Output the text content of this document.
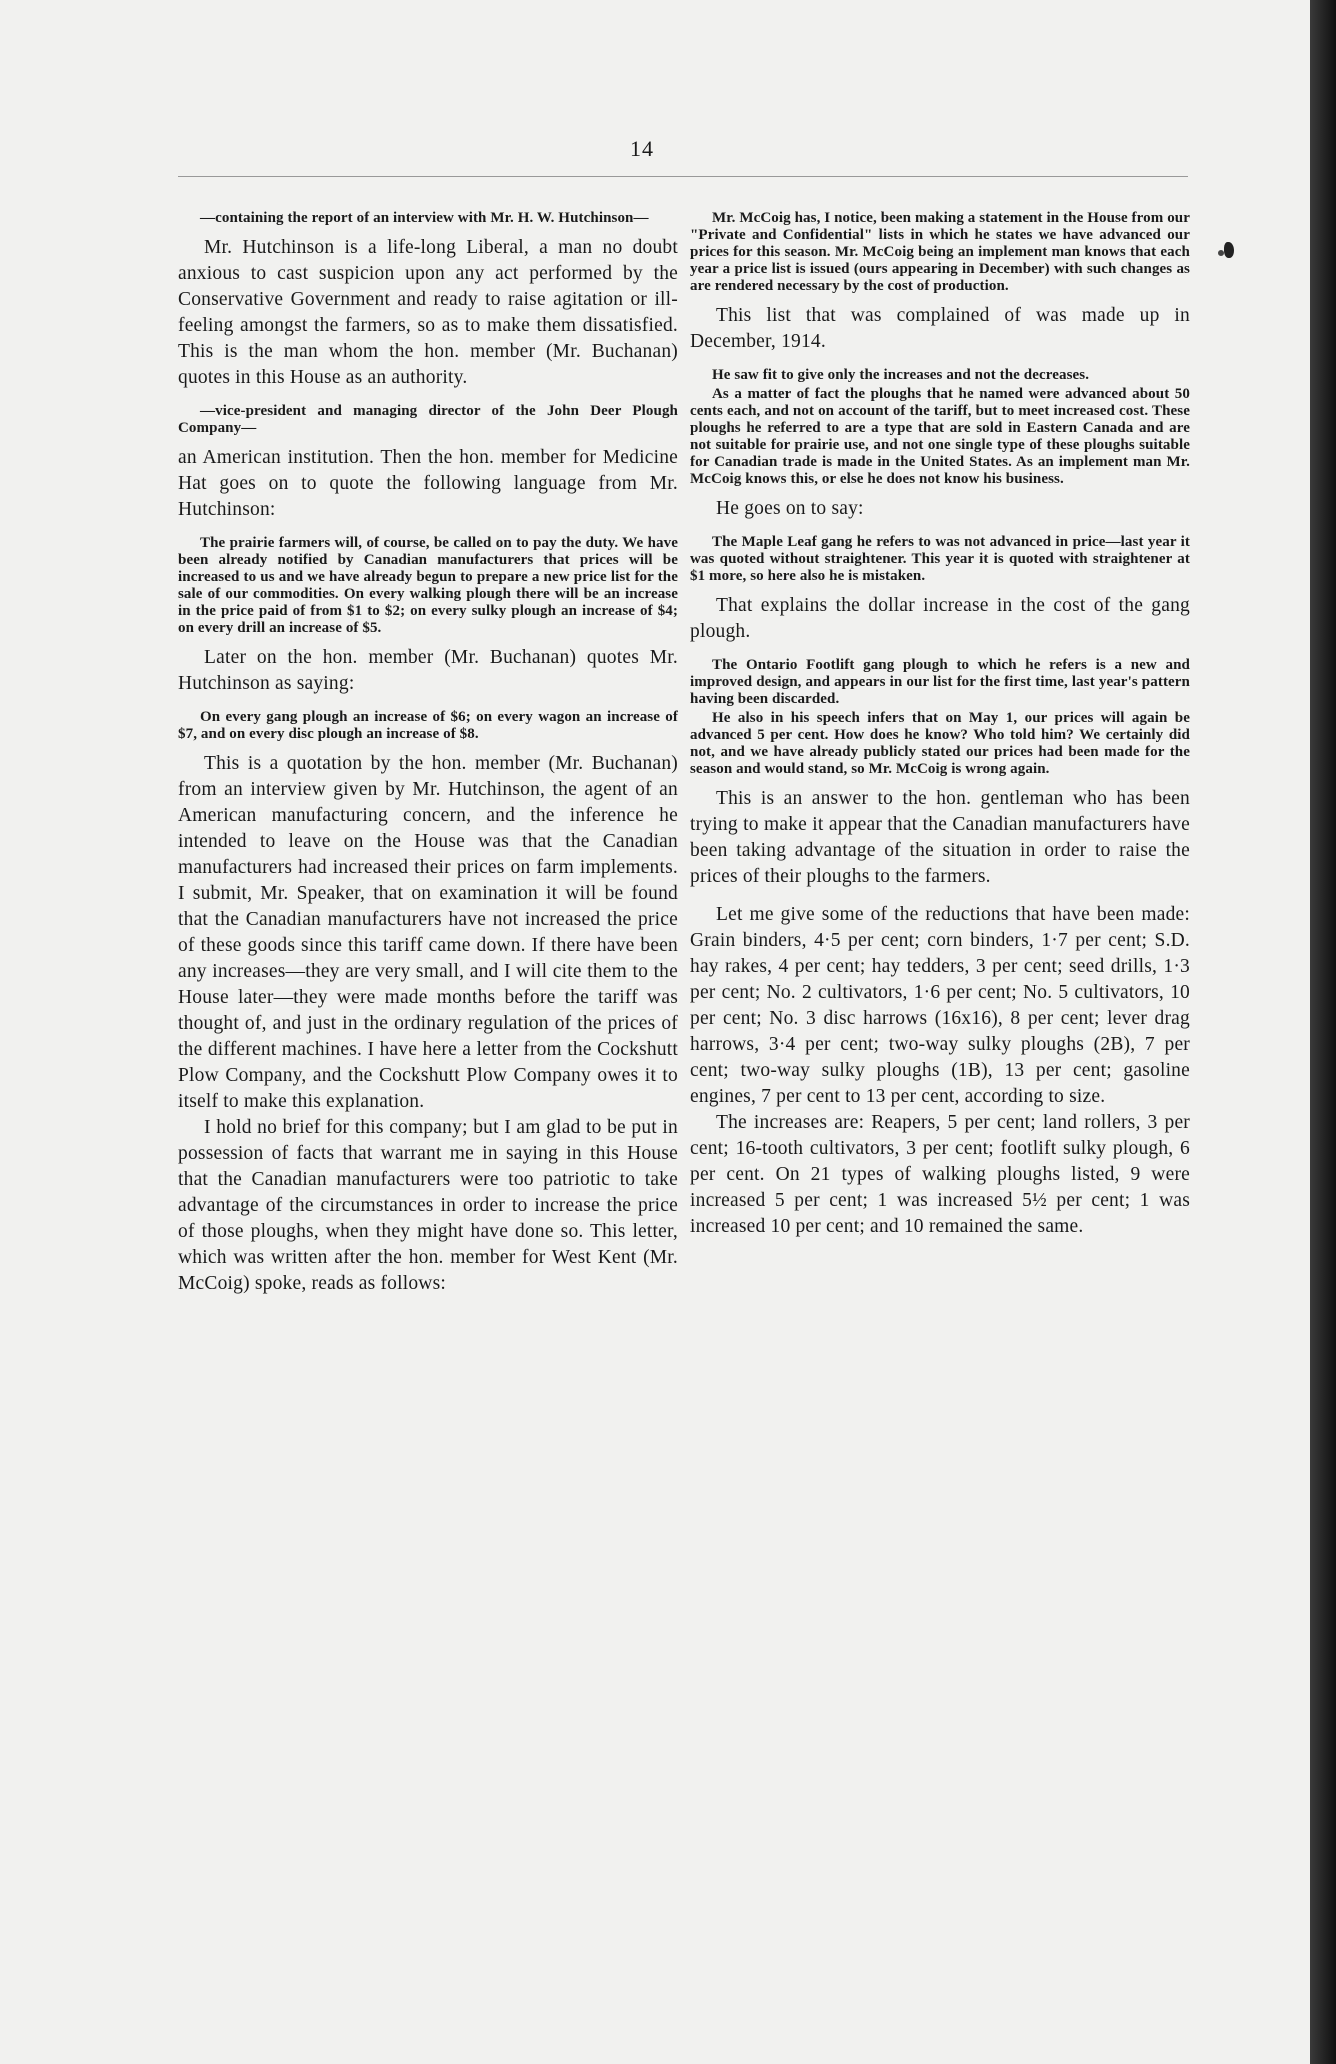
14

—containing the report of an interview with Mr. H. W. Hutchinson—

Mr. Hutchinson is a life-long Liberal, a man no doubt anxious to cast suspicion upon any act performed by the Conservative Government and ready to raise agitation or ill-feeling amongst the farmers, so as to make them dissatisfied. This is the man whom the hon. member (Mr. Buchanan) quotes in this House as an authority.

—vice-president and managing director of the John Deer Plough Company—

an American institution. Then the hon. member for Medicine Hat goes on to quote the following language from Mr. Hutchinson:

The prairie farmers will, of course, be called on to pay the duty. We have been already notified by Canadian manufacturers that prices will be increased to us and we have already begun to prepare a new price list for the sale of our commodities. On every walking plough there will be an increase in the price paid of from $1 to $2; on every sulky plough an increase of $4; on every drill an increase of $5.

Later on the hon. member (Mr. Buchanan) quotes Mr. Hutchinson as saying:

On every gang plough an increase of $6; on every wagon an increase of $7, and on every disc plough an increase of $8.

This is a quotation by the hon. member (Mr. Buchanan) from an interview given by Mr. Hutchinson, the agent of an American manufacturing concern, and the inference he intended to leave on the House was that the Canadian manufacturers had increased their prices on farm implements. I submit, Mr. Speaker, that on examination it will be found that the Canadian manufacturers have not increased the price of these goods since this tariff came down. If there have been any increases—they are very small, and I will cite them to the House later—they were made months before the tariff was thought of, and just in the ordinary regulation of the prices of the different machines. I have here a letter from the Cockshutt Plow Company, and the Cockshutt Plow Company owes it to itself to make this explanation.

I hold no brief for this company; but I am glad to be put in possession of facts that warrant me in saying in this House that the Canadian manufacturers were too patriotic to take advantage of the circumstances in order to increase the price of those ploughs, when they might have done so. This letter, which was written after the hon. member for West Kent (Mr. McCoig) spoke, reads as follows:

Mr. McCoig has, I notice, been making a statement in the House from our "Private and Confidential" lists in which he states we have advanced our prices for this season. Mr. McCoig being an implement man knows that each year a price list is issued (ours appearing in December) with such changes as are rendered necessary by the cost of production.

This list that was complained of was made up in December, 1914.

He saw fit to give only the increases and not the decreases.

As a matter of fact the ploughs that he named were advanced about 50 cents each, and not on account of the tariff, but to meet increased cost. These ploughs he referred to are a type that are sold in Eastern Canada and are not suitable for prairie use, and not one single type of these ploughs suitable for Canadian trade is made in the United States. As an implement man Mr. McCoig knows this, or else he does not know his business.

He goes on to say:

The Maple Leaf gang he refers to was not advanced in price—last year it was quoted without straightener. This year it is quoted with straightener at $1 more, so here also he is mistaken.

That explains the dollar increase in the cost of the gang plough.

The Ontario Footlift gang plough to which he refers is a new and improved design, and appears in our list for the first time, last year's pattern having been discarded.

He also in his speech infers that on May 1, our prices will again be advanced 5 per cent. How does he know? Who told him? We certainly did not, and we have already publicly stated our prices had been made for the season and would stand, so Mr. McCoig is wrong again.

This is an answer to the hon. gentleman who has been trying to make it appear that the Canadian manufacturers have been taking advantage of the situation in order to raise the prices of their ploughs to the farmers.

Let me give some of the reductions that have been made: Grain binders, 4·5 per cent; corn binders, 1·7 per cent; S.D. hay rakes, 4 per cent; hay tedders, 3 per cent; seed drills, 1·3 per cent; No. 2 cultivators, 1·6 per cent; No. 5 cultivators, 10 per cent; No. 3 disc harrows (16x16), 8 per cent; lever drag harrows, 3·4 per cent; two-way sulky ploughs (2B), 7 per cent; two-way sulky ploughs (1B), 13 per cent; gasoline engines, 7 per cent to 13 per cent, according to size.

The increases are: Reapers, 5 per cent; land rollers, 3 per cent; 16-tooth cultivators, 3 per cent; footlift sulky plough, 6 per cent. On 21 types of walking ploughs listed, 9 were increased 5 per cent; 1 was increased 5½ per cent; 1 was increased 10 per cent; and 10 remained the same.
